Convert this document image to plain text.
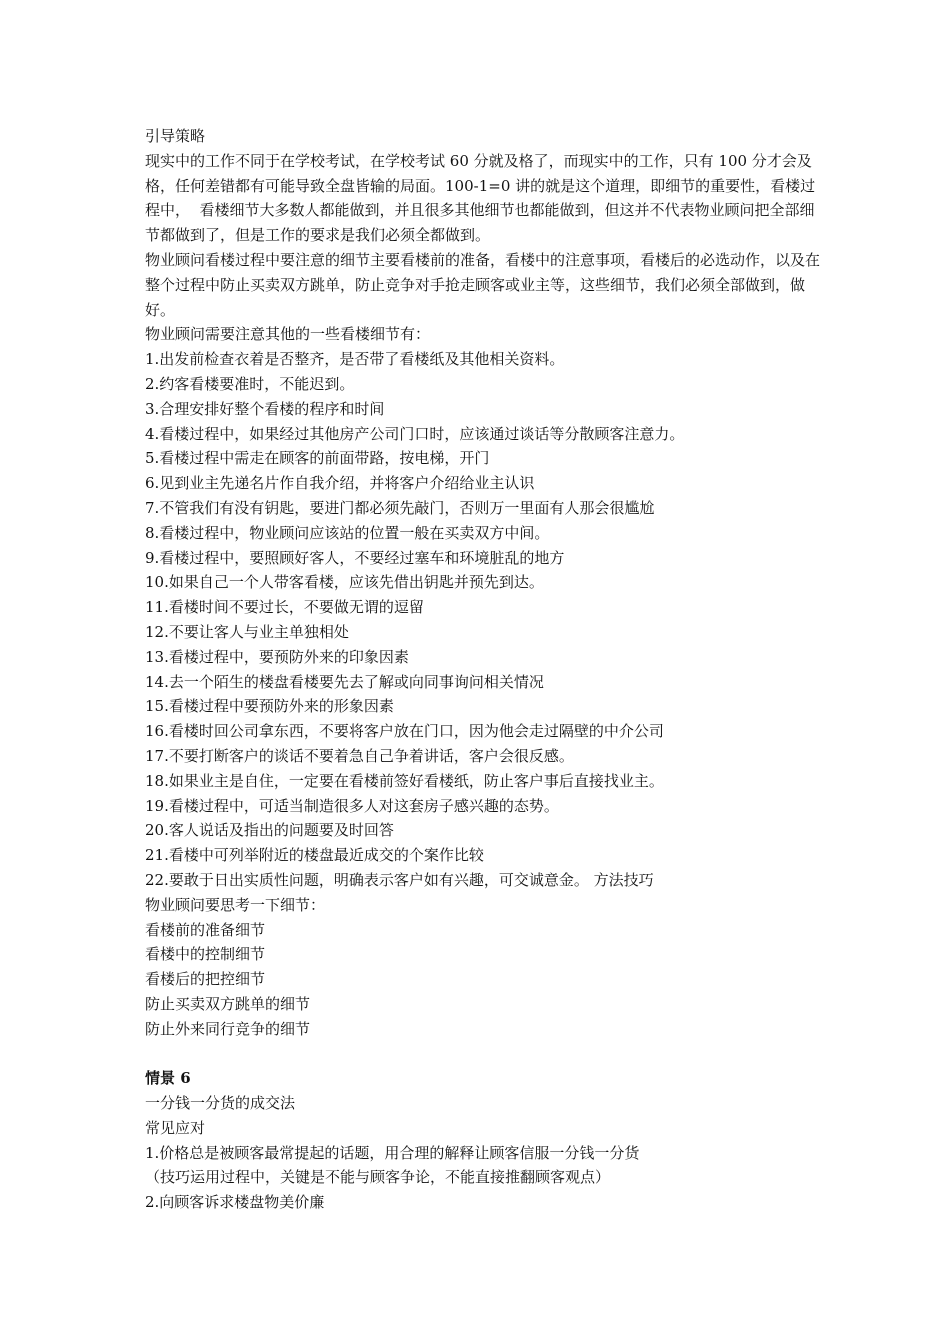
引导策略

现实中的工作不同于在学校考试，在学校考试 60 分就及格了，而现实中的工作，只有 100 分才会及格，任何差错都有可能导致全盘皆输的局面。100-1=0 讲的就是这个道理，即细节的重要性，看楼过程中，  看楼细节大多数人都能做到，并且很多其他细节也都能做到，但这并不代表物业顾问把全部细节都做到了，但是工作的要求是我们必须全都做到。

物业顾问看楼过程中要注意的细节主要看楼前的准备，看楼中的注意事项，看楼后的必选动作，以及在整个过程中防止买卖双方跳单，防止竞争对手抢走顾客或业主等，这些细节，我们必须全部做到，做好。

物业顾问需要注意其他的一些看楼细节有：

1.出发前检查衣着是否整齐，是否带了看楼纸及其他相关资料。

2.约客看楼要准时，不能迟到。

3.合理安排好整个看楼的程序和时间

4.看楼过程中，如果经过其他房产公司门口时，应该通过谈话等分散顾客注意力。

5.看楼过程中需走在顾客的前面带路，按电梯，开门

6.见到业主先递名片作自我介绍，并将客户介绍给业主认识

7.不管我们有没有钥匙，要进门都必须先敲门，否则万一里面有人那会很尴尬

8.看楼过程中，物业顾问应该站的位置一般在买卖双方中间。

9.看楼过程中，要照顾好客人，不要经过塞车和环境脏乱的地方

10.如果自己一个人带客看楼，应该先借出钥匙并预先到达。

11.看楼时间不要过长，不要做无谓的逗留

12.不要让客人与业主单独相处

13.看楼过程中，要预防外来的印象因素

14.去一个陌生的楼盘看楼要先去了解或向同事询问相关情况

15.看楼过程中要预防外来的形象因素

16.看楼时回公司拿东西，不要将客户放在门口，因为他会走过隔壁的中介公司

17.不要打断客户的谈话不要着急自己争着讲话，客户会很反感。

18.如果业主是自住，一定要在看楼前签好看楼纸，防止客户事后直接找业主。

19.看楼过程中，可适当制造很多人对这套房子感兴趣的态势。

20.客人说话及指出的问题要及时回答

21.看楼中可列举附近的楼盘最近成交的个案作比较

22.要敢于日出实质性问题，明确表示客户如有兴趣，可交诚意金。 方法技巧

物业顾问要思考一下细节：

看楼前的准备细节

看楼中的控制细节

看楼后的把控细节

防止买卖双方跳单的细节

防止外来同行竞争的细节

情景 6

一分钱一分货的成交法

常见应对

1.价格总是被顾客最常提起的话题，用合理的解释让顾客信服一分钱一分货

（技巧运用过程中，关键是不能与顾客争论，不能直接推翻顾客观点）

2.向顾客诉求楼盘物美价廉
